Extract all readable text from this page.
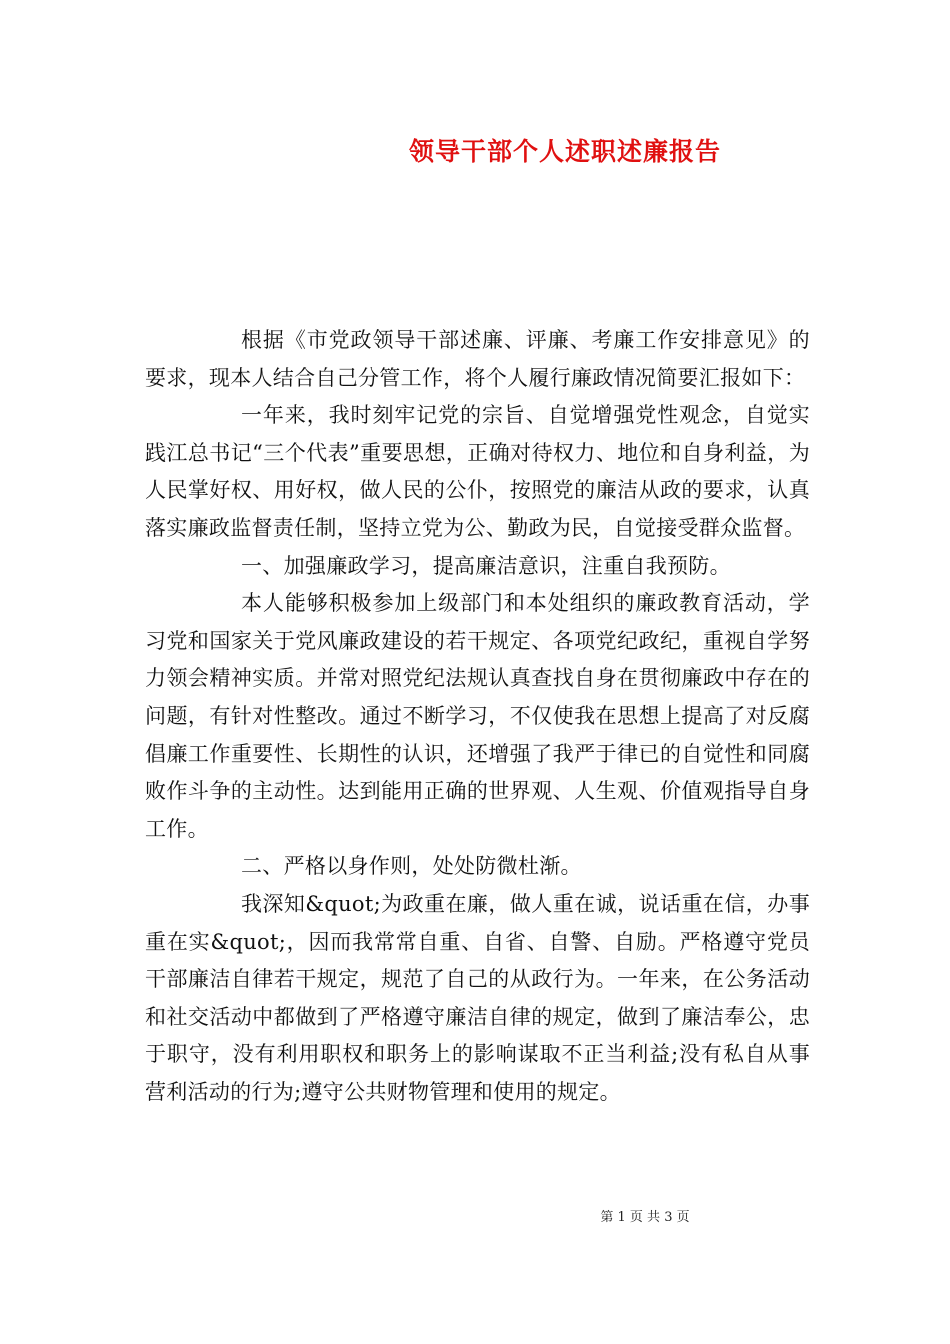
领导干部个人述职述廉报告

根据《市党政领导干部述廉、评廉、考廉工作安排意见》的要求，现本人结合自己分管工作，将个人履行廉政情况简要汇报如下：

一年来，我时刻牢记党的宗旨、自觉增强党性观念，自觉实践江总书记“三个代表”重要思想，正确对待权力、地位和自身利益，为人民掌好权、用好权，做人民的公仆，按照党的廉洁从政的要求，认真落实廉政监督责任制，坚持立党为公、勤政为民，自觉接受群众监督。

一、加强廉政学习，提高廉洁意识，注重自我预防。

本人能够积极参加上级部门和本处组织的廉政教育活动，学习党和国家关于党风廉政建设的若干规定、各项党纪政纪，重视自学努力领会精神实质。并常对照党纪法规认真查找自身在贯彻廉政中存在的问题，有针对性整改。通过不断学习，不仅使我在思想上提高了对反腐倡廉工作重要性、长期性的认识，还增强了我严于律已的自觉性和同腐败作斗争的主动性。达到能用正确的世界观、人生观、价值观指导自身工作。

二、严格以身作则，处处防微杜渐。

我深知&quot;为政重在廉，做人重在诚，说话重在信，办事重在实&quot;，因而我常常自重、自省、自警、自励。严格遵守党员干部廉洁自律若干规定，规范了自己的从政行为。一年来，在公务活动和社交活动中都做到了严格遵守廉洁自律的规定，做到了廉洁奉公，忠于职守，没有利用职权和职务上的影响谋取不正当利益;没有私自从事营利活动的行为;遵守公共财物管理和使用的规定。

第 1 页 共 3 页
